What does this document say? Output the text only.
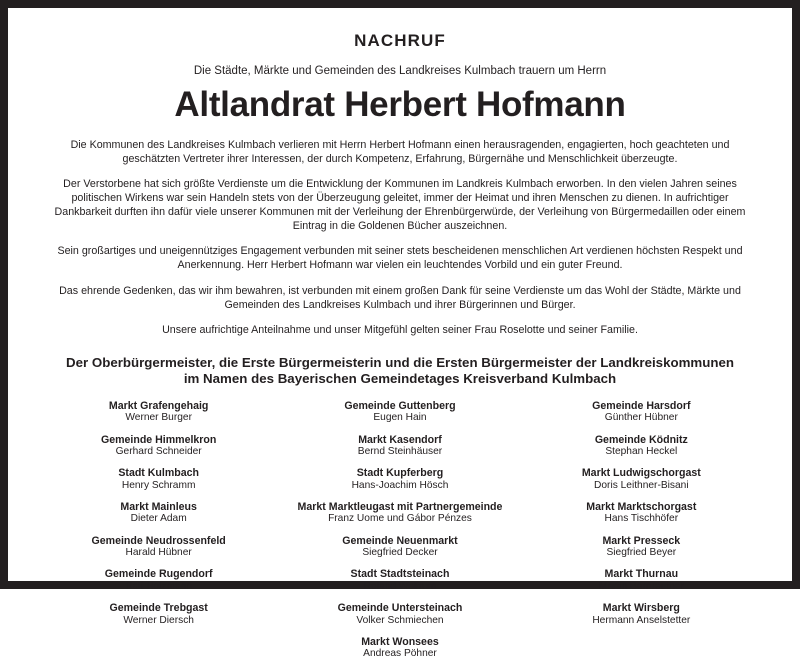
NACHRUF
Die Städte, Märkte und Gemeinden des Landkreises Kulmbach trauern um Herrn
Altlandrat Herbert Hofmann

Die Kommunen des Landkreises Kulmbach verlieren mit Herrn Herbert Hofmann einen herausragenden, engagierten, hoch geachteten und geschätzten Vertreter ihrer Interessen, der durch Kompetenz, Erfahrung, Bürgernähe und Menschlichkeit überzeugte.

Der Verstorbene hat sich größte Verdienste um die Entwicklung der Kommunen im Landkreis Kulmbach erworben. In den vielen Jahren seines politischen Wirkens war sein Handeln stets von der Überzeugung geleitet, immer der Heimat und ihren Menschen zu dienen. In aufrichtiger Dankbarkeit durften ihn dafür viele unserer Kommunen mit der Verleihung der Ehrenbürgerwürde, der Verleihung von Bürgermedaillen oder einem Eintrag in die Goldenen Bücher auszeichnen.

Sein großartiges und uneigennütziges Engagement verbunden mit seiner stets bescheidenen menschlichen Art verdienen höchsten Respekt und Anerkennung. Herr Herbert Hofmann war vielen ein leuchtendes Vorbild und ein guter Freund.

Das ehrende Gedenken, das wir ihm bewahren, ist verbunden mit einem großen Dank für seine Verdienste um das Wohl der Städte, Märkte und Gemeinden des Landkreises Kulmbach und ihrer Bürgerinnen und Bürger.

Unsere aufrichtige Anteilnahme und unser Mitgefühl gelten seiner Frau Roselotte und seiner Familie.

Der Oberbürgermeister, die Erste Bürgermeisterin und die Ersten Bürgermeister der Landkreiskommunen
im Namen des Bayerischen Gemeindetages Kreisverband Kulmbach
Markt Grafengehaig
Werner Burger
Gemeinde Himmelkron
Gerhard Schneider
Stadt Kulmbach
Henry Schramm
Markt Mainleus
Dieter Adam
Gemeinde Neudrossenfeld
Harald Hübner
Gemeinde Rugendorf
Ralf Holzmann
Gemeinde Trebgast
Werner Diersch
Gemeinde Guttenberg
Eugen Hain
Markt Kasendorf
Bernd Steinhäuser
Stadt Kupferberg
Hans-Joachim Hösch
Markt Marktleugast mit Partnergemeinde
Franz Uome und Gábor Pénzes
Gemeinde Neuenmarkt
Siegfried Decker
Stadt Stadtsteinach
Roland Wolfrum
Gemeinde Untersteinach
Volker Schmiechen
Markt Wonsees
Andreas Pöhner
Gemeinde Harsdorf
Günther Hübner
Gemeinde Ködnitz
Stephan Heckel
Markt Ludwigschorgast
Doris Leithner-Bisani
Markt Marktschorgast
Hans Tischhöfer
Markt Presseck
Siegfried Beyer
Markt Thurnau
Martin Bernreuther
Markt Wirsberg
Hermann Anselstetter
